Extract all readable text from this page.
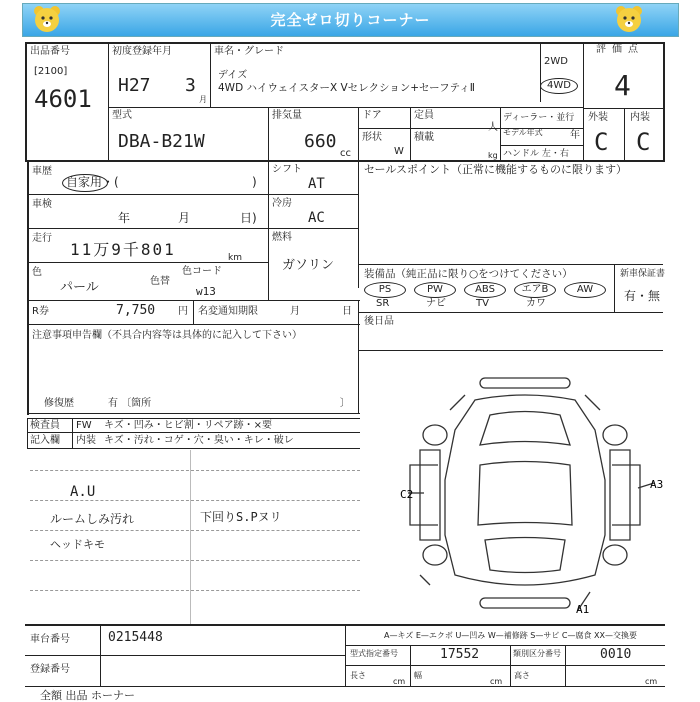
完全ゼロ切りコーナー
出品番号
[2100]
4601
初度登録年月
H27 3
月
車名・グレード
デイズ
4WD ハイウェイスターX Vセレクション+セーフティⅡ
2WD
4WD
評価点
4
外装 内装
C C
型式
DBA-B21W
排気量
660
cc
ドア
形状
W
定員
人
積載
kg
ディーラー・並行
モデル年式	年
ハンドル 左・右
車歴
自家用・(	)
シフト
AT
セールスポイント（正常に機能するものに限ります）
車検
年	月	日)
冷房
AC
走行
11万9千801	km
燃料
ガソリン
色
パール	色替
色コード
w13
装備品（純正品に限り○をつけてください）	新車保証書
有・無
PS	PW	ABS	エアB	AW
SR	ナビ	TV	カワ
R券	7,750 円 名変通知期限	月	日
後日品
注意事項申告欄（不具合内容等は具体的に記入して下さい）
修復歴	有 〔箇所	〕
検査員
記入欄
FW キズ・凹み・ヒビ割・リペア跡・×要
内装 キズ・汚れ・コゲ・穴・臭い・キレ・破レ
A.U
ルームしみ汚れ
ヘッドキモ
下回りS.Pヌリ
C2
A3
A1
A—キズ E—エクボ U—凹み W—補修跡 S—サビ C—腐食 XX—交換要
車台番号	0215448
登録番号
型式指定番号	17552	類別区分番号	0010
長さ
cm
幅
cm
高さ
cm
全額 出品 ホーナー
